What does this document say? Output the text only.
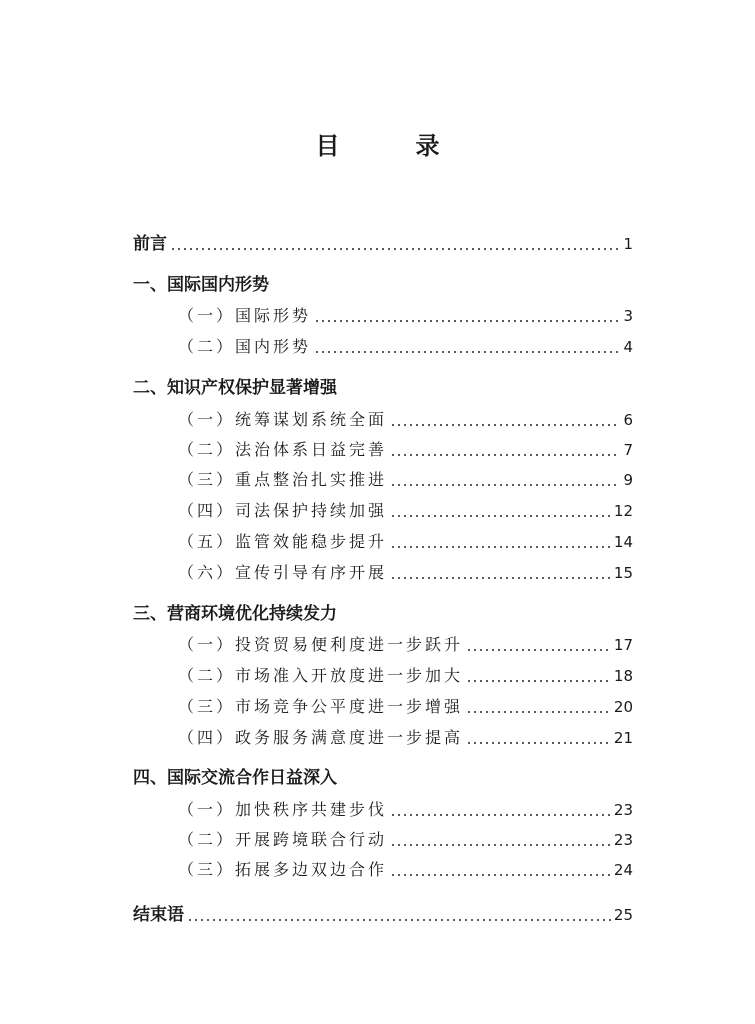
目　录
前言	1
一、国际国内形势
（一）国际形势	3
（二）国内形势	4
二、知识产权保护显著增强
（一）统筹谋划系统全面	6
（二）法治体系日益完善	7
（三）重点整治扎实推进	9
（四）司法保护持续加强	12
（五）监管效能稳步提升	14
（六）宣传引导有序开展	15
三、营商环境优化持续发力
（一）投资贸易便利度进一步跃升	17
（二）市场准入开放度进一步加大	18
（三）市场竞争公平度进一步增强	20
（四）政务服务满意度进一步提高	21
四、国际交流合作日益深入
（一）加快秩序共建步伐	23
（二）开展跨境联合行动	23
（三）拓展多边双边合作	24
结束语	25
